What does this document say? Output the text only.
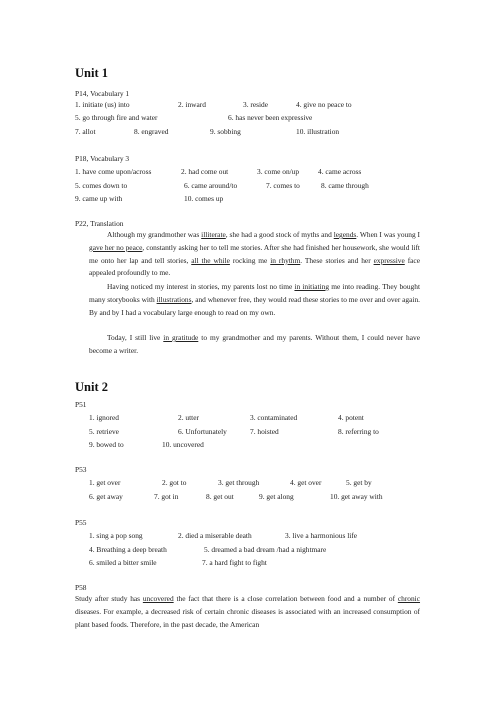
Unit 1
P14, Vocabulary 1
1. initiate (us) into	2. inward	3. reside	4. give no peace to
5. go through fire and water	6. has never been expressive
7. allot	8. engraved	9. sobbing	10. illustration
P18, Vocabulary 3
1. have come upon/across	2. had come out	3. come on/up	4. came across
5. comes down to	6. came around/to	7. comes to	8. came through
9. came up with	10. comes up
P22, Translation
Although my grandmother was illiterate, she had a good stock of myths and legends. When I was young I gave her no peace, constantly asking her to tell me stories. After she had finished her housework, she would lift me onto her lap and tell stories, all the while rocking me in rhythm. These stories and her expressive face appealed profoundly to me.
Having noticed my interest in stories, my parents lost no time in initiating me into reading. They bought many storybooks with illustrations, and whenever free, they would read these stories to me over and over again. By and by I had a vocabulary large enough to read on my own.
Today, I still live in gratitude to my grandmother and my parents. Without them, I could never have become a writer.
Unit 2
P51
1. ignored	2. utter	3. contaminated	4. potent
5. retrieve	6. Unfortunately	7. hoisted	8. referring to
9. bowed to	10. uncovered
P53
1. get over	2. got to	3. get through	4. get over	5. get by
6. get away	7. got in	8. get out	9. get along	10. get away with
P55
1. sing a pop song	2. died a miserable death	3. live a harmonious life
4. Breathing a deep breath	5. dreamed a bad dream /had a nightmare
6. smiled a bitter smile	7. a hard fight to fight
P58
Study after study has uncovered the fact that there is a close correlation between food and a number of chronic diseases. For example, a decreased risk of certain chronic diseases is associated with an increased consumption of plant based foods. Therefore, in the past decade, the American
